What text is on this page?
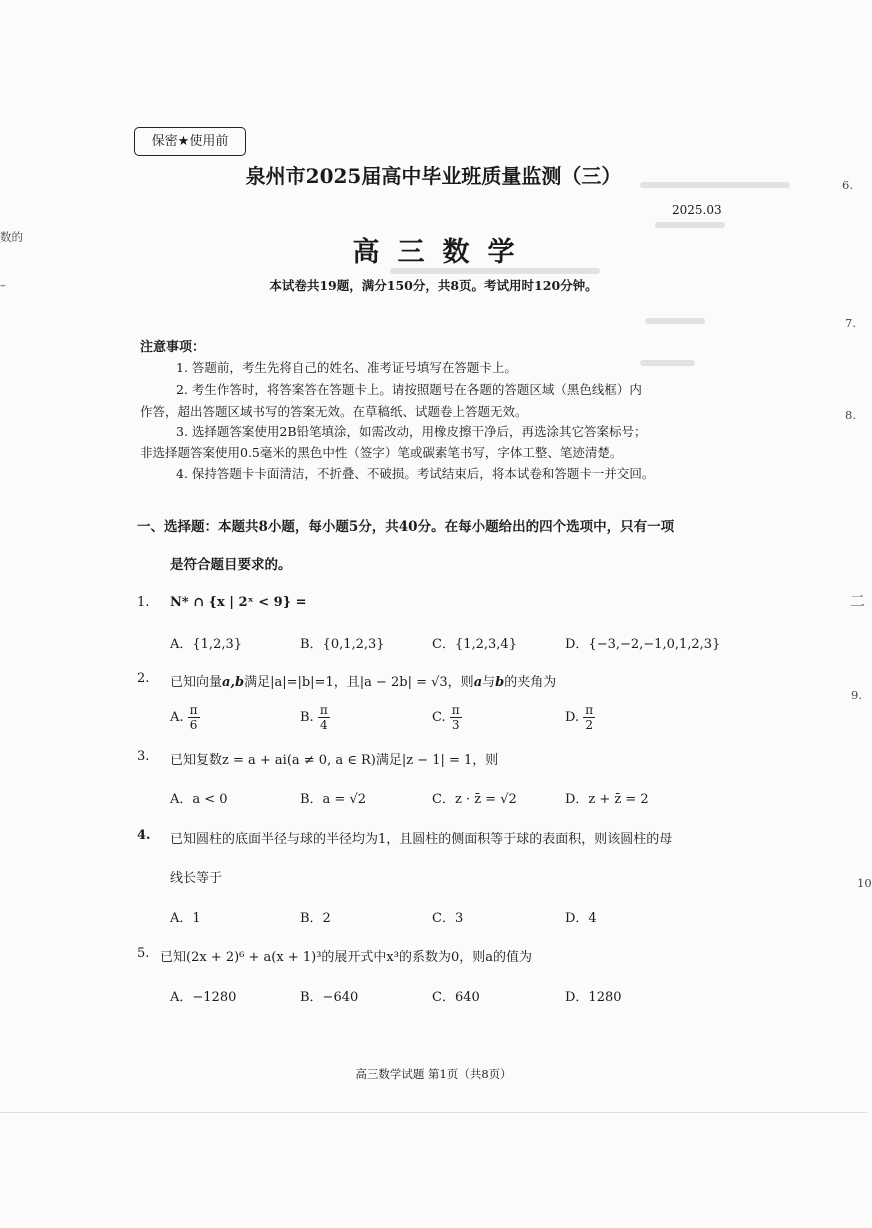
数的
–
6.
7.
8.
二
9.
10
保密★使用前
泉州市2025届高中毕业班质量监测（三）
2025.03
高三数学
本试卷共19题，满分150分，共8页。考试用时120分钟。
注意事项：
1. 答题前，考生先将自己的姓名、准考证号填写在答题卡上。
2. 考生作答时，将答案答在答题卡上。请按照题号在各题的答题区域（黑色线框）内
作答，超出答题区域书写的答案无效。在草稿纸、试题卷上答题无效。
3. 选择题答案使用2B铅笔填涂，如需改动，用橡皮擦干净后，再选涂其它答案标号；
非选择题答案使用0.5毫米的黑色中性（签字）笔或碳素笔书写，字体工整、笔迹清楚。
4. 保持答题卡卡面清洁，不折叠、不破损。考试结束后，将本试卷和答题卡一并交回。
一、选择题：本题共8小题，每小题5分，共40分。在每小题给出的四个选项中，只有一项
是符合题目要求的。
1. N* ∩ {x | 2ˣ < 9} =
A．{1,2,3}	B．{0,1,2,3}	C．{1,2,3,4}	D．{−3,−2,−1,0,1,2,3}
2. 已知向量a,b满足|a|=|b|=1，且|a − 2b| = √3，则a与b的夹角为
A. $\frac{\pi}{6}$	B. $\frac{\pi}{4}$	C. $\frac{\pi}{3}$	D. $\frac{\pi}{2}$
3. 已知复数z = a + ai(a ≠ 0, a ∈ R)满足|z − 1| = 1，则
A．a < 0	B．a = √2	C．z · z̄ = √2	D．z + z̄ = 2
4. 已知圆柱的底面半径与球的半径均为1，且圆柱的侧面积等于球的表面积，则该圆柱的母
线长等于
A．1	B．2	C．3	D．4
5. 已知(2x + 2)⁶ + a(x + 1)³的展开式中x³的系数为0，则a的值为
A．−1280	B．−640	C．640	D．1280
高三数学试题 第1页（共8页）
